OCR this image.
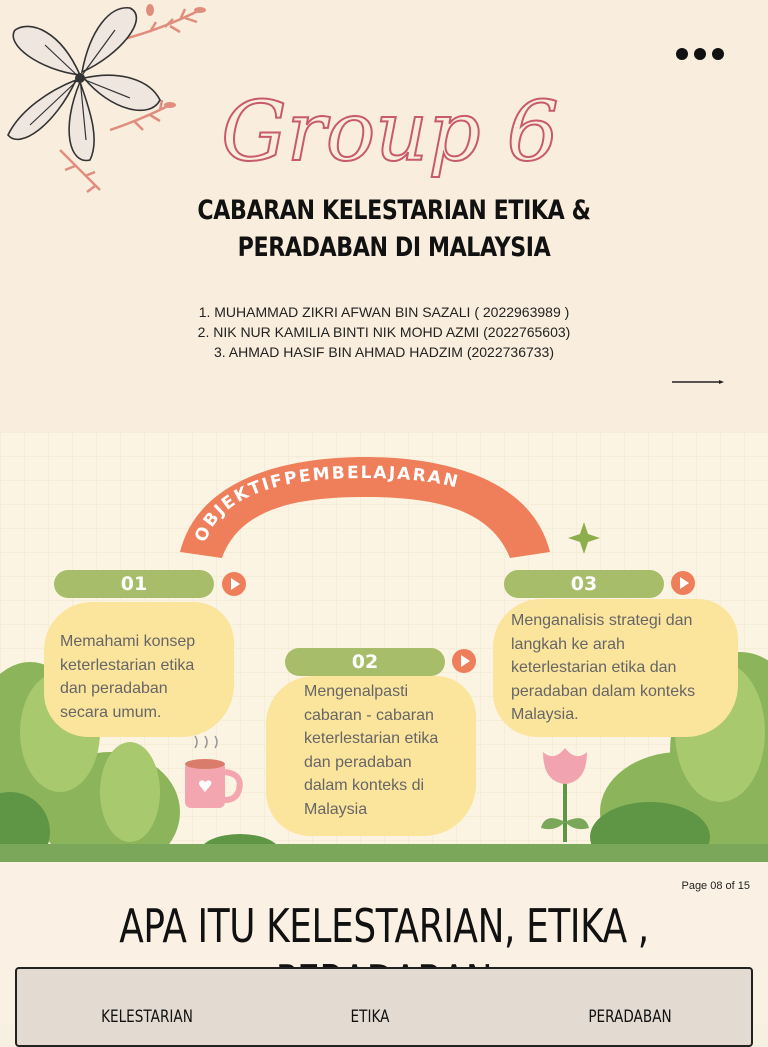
Group 6
CABARAN KELESTARIAN ETIKA & PERADABAN DI MALAYSIA
1. MUHAMMAD ZIKRI AFWAN BIN SAZALI ( 2022963989 )
2. NIK NUR KAMILIA BINTI NIK MOHD AZMI (2022765603)
3. AHMAD HASIF BIN AHMAD HADZIM (2022736733)
OBJEKTIFPEMBELAJARAN
01
Memahami konsep
keterlestarian etika
dan peradaban
secara umum.
02
Mengenalpasti
cabaran - cabaran
keterlestarian etika
dan peradaban
dalam konteks di
Malaysia
03
Menganalisis strategi dan
langkah ke arah
keterlestarian etika dan
peradaban dalam konteks
Malaysia.
Page 08 of 15
APA ITU KELESTARIAN, ETIKA ,
KELESTARIAN	ETIKA	PERADABAN
